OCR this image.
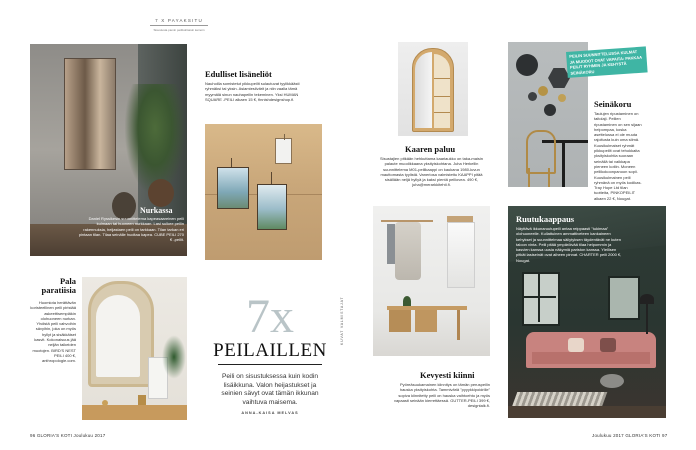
7 X PAYAKSITU
Sisustusta pienin peilikohtaisin keinoin
Nurkassa
Daniel Ryssikesin suunnittelema kapeasaareinen peili kulmaan tai huoneen nurkkaan. Lasi sulkee peilin rakennuksia, heijastaen peili on tarkkaan. Tilan tarkan eri pintaan tilan. Tilaa seinälle huoltaa kapea. CUBE PEILI 270 € -peilit.
Edulliset lisäneliöt
Nauhoilla somistetut pikkupeilit sulautuvat tyylikkäästi ryhmäksi tai yksin. Asiamiesilvärit ja niin vaalia tämä myymälä sinun nauhapeilin tekeminen. Yksi HUMAN SQUARE -PEILI alkaen 15 €, finnishdesignshop.fi.
Pala paratiisia
Huomiota herättävän koristeellinen peili piristää askeettisempiäkin olohuoneen nurkan. Yhdistä peili vahvoihin sävyihin, joka on myös hyllyt ja sisäkkäiset kasvit. Kokonaisuus jää neljän taikeiden muotojen. BIRD'S NEST PEILI 400 €, anthropologie.com.
7x
PEILAILLEN
Peili on sisustuksessa kuin kodin lisäikkuna. Valon heijastukset ja seinien sävyt ovat tämän ikkunan vaihtuva maisema.
ANNA-KAISA MELVAS
96 GLORIA'S KOTI Joulukuu 2017
Kaaren paluu
Sisustajien pitkään hehkuttama kaariaukko on taka-maisin palaute muodikkaana yksityiskohtana. Juha Herkellin suunnittelema M01-peilikaappi on kaukana 1980-luvun mauttomasta tyylistä. Vaneriosa valmistettu KAAPPI pitää sisällään neljä hyllyä ja kaksi pientä peiliovea. 490 €, juha@merarkkitehti.fi.
PEILIN SUUNNITTELUSSA KULMAT JA MUODOT OVAT VAPAITA: PAKKAA PEILIT RYHMIIN JA KEHYSTÄ SEINÄKORU
Seinäkoru
Taulujen ripustaminen on taitolaji. Peilien ripustaminen on sen sijaan helpompaa, koska asettelussa ei ole muuta rajoitusta kuin oma silmä. Kuusikulmaiset ryhmät pikkupeilit ovat tehokkaita yksityiskohtia suoraan seinällä tai vaikkapa pieneen kotiin. Moneen peilikokoonpanoon sopii. Kuusikulmainen peili ryhmänä on myös kodikas. Tray Hope Ltd tilan tuotteita, PINKOPEILIT alkaen 22 €, Nougat.
Kevyesti kiinni
Pyöreäsuukamainen kiinnitys on tämän peruspeilin hauska yksityiskohta. Tammiväriä "pyyykkipoidrille" sopiva kiinnitetty peili on hauska vaihtoehto ja myös vapaasti seinään kierrettäessä. GUTTER-PEILI 399 €, designtalk.fi.
KUVAT VALMISTAJAT
Ruutukaappaus
Näyttävä ikkunaruutupeili antaa reippaasti "tukimaa" olohuoneelle. Kullattuinen ammattiveteen kankaineen kehykset ja suunnittelmaa säilytyksen täydentävät ne kuten taloon vinta. Peili pitää ympäröivää tilaa helpommin ja kasvien kanssa uusia näkymiä pariston kanssa. Ylellisen pitkät lasiseinät ovat aiheen pinnat. CHARTER peili 2000 €, Nougat.
Joulukuu 2017 GLORIA'S KOTI 97
